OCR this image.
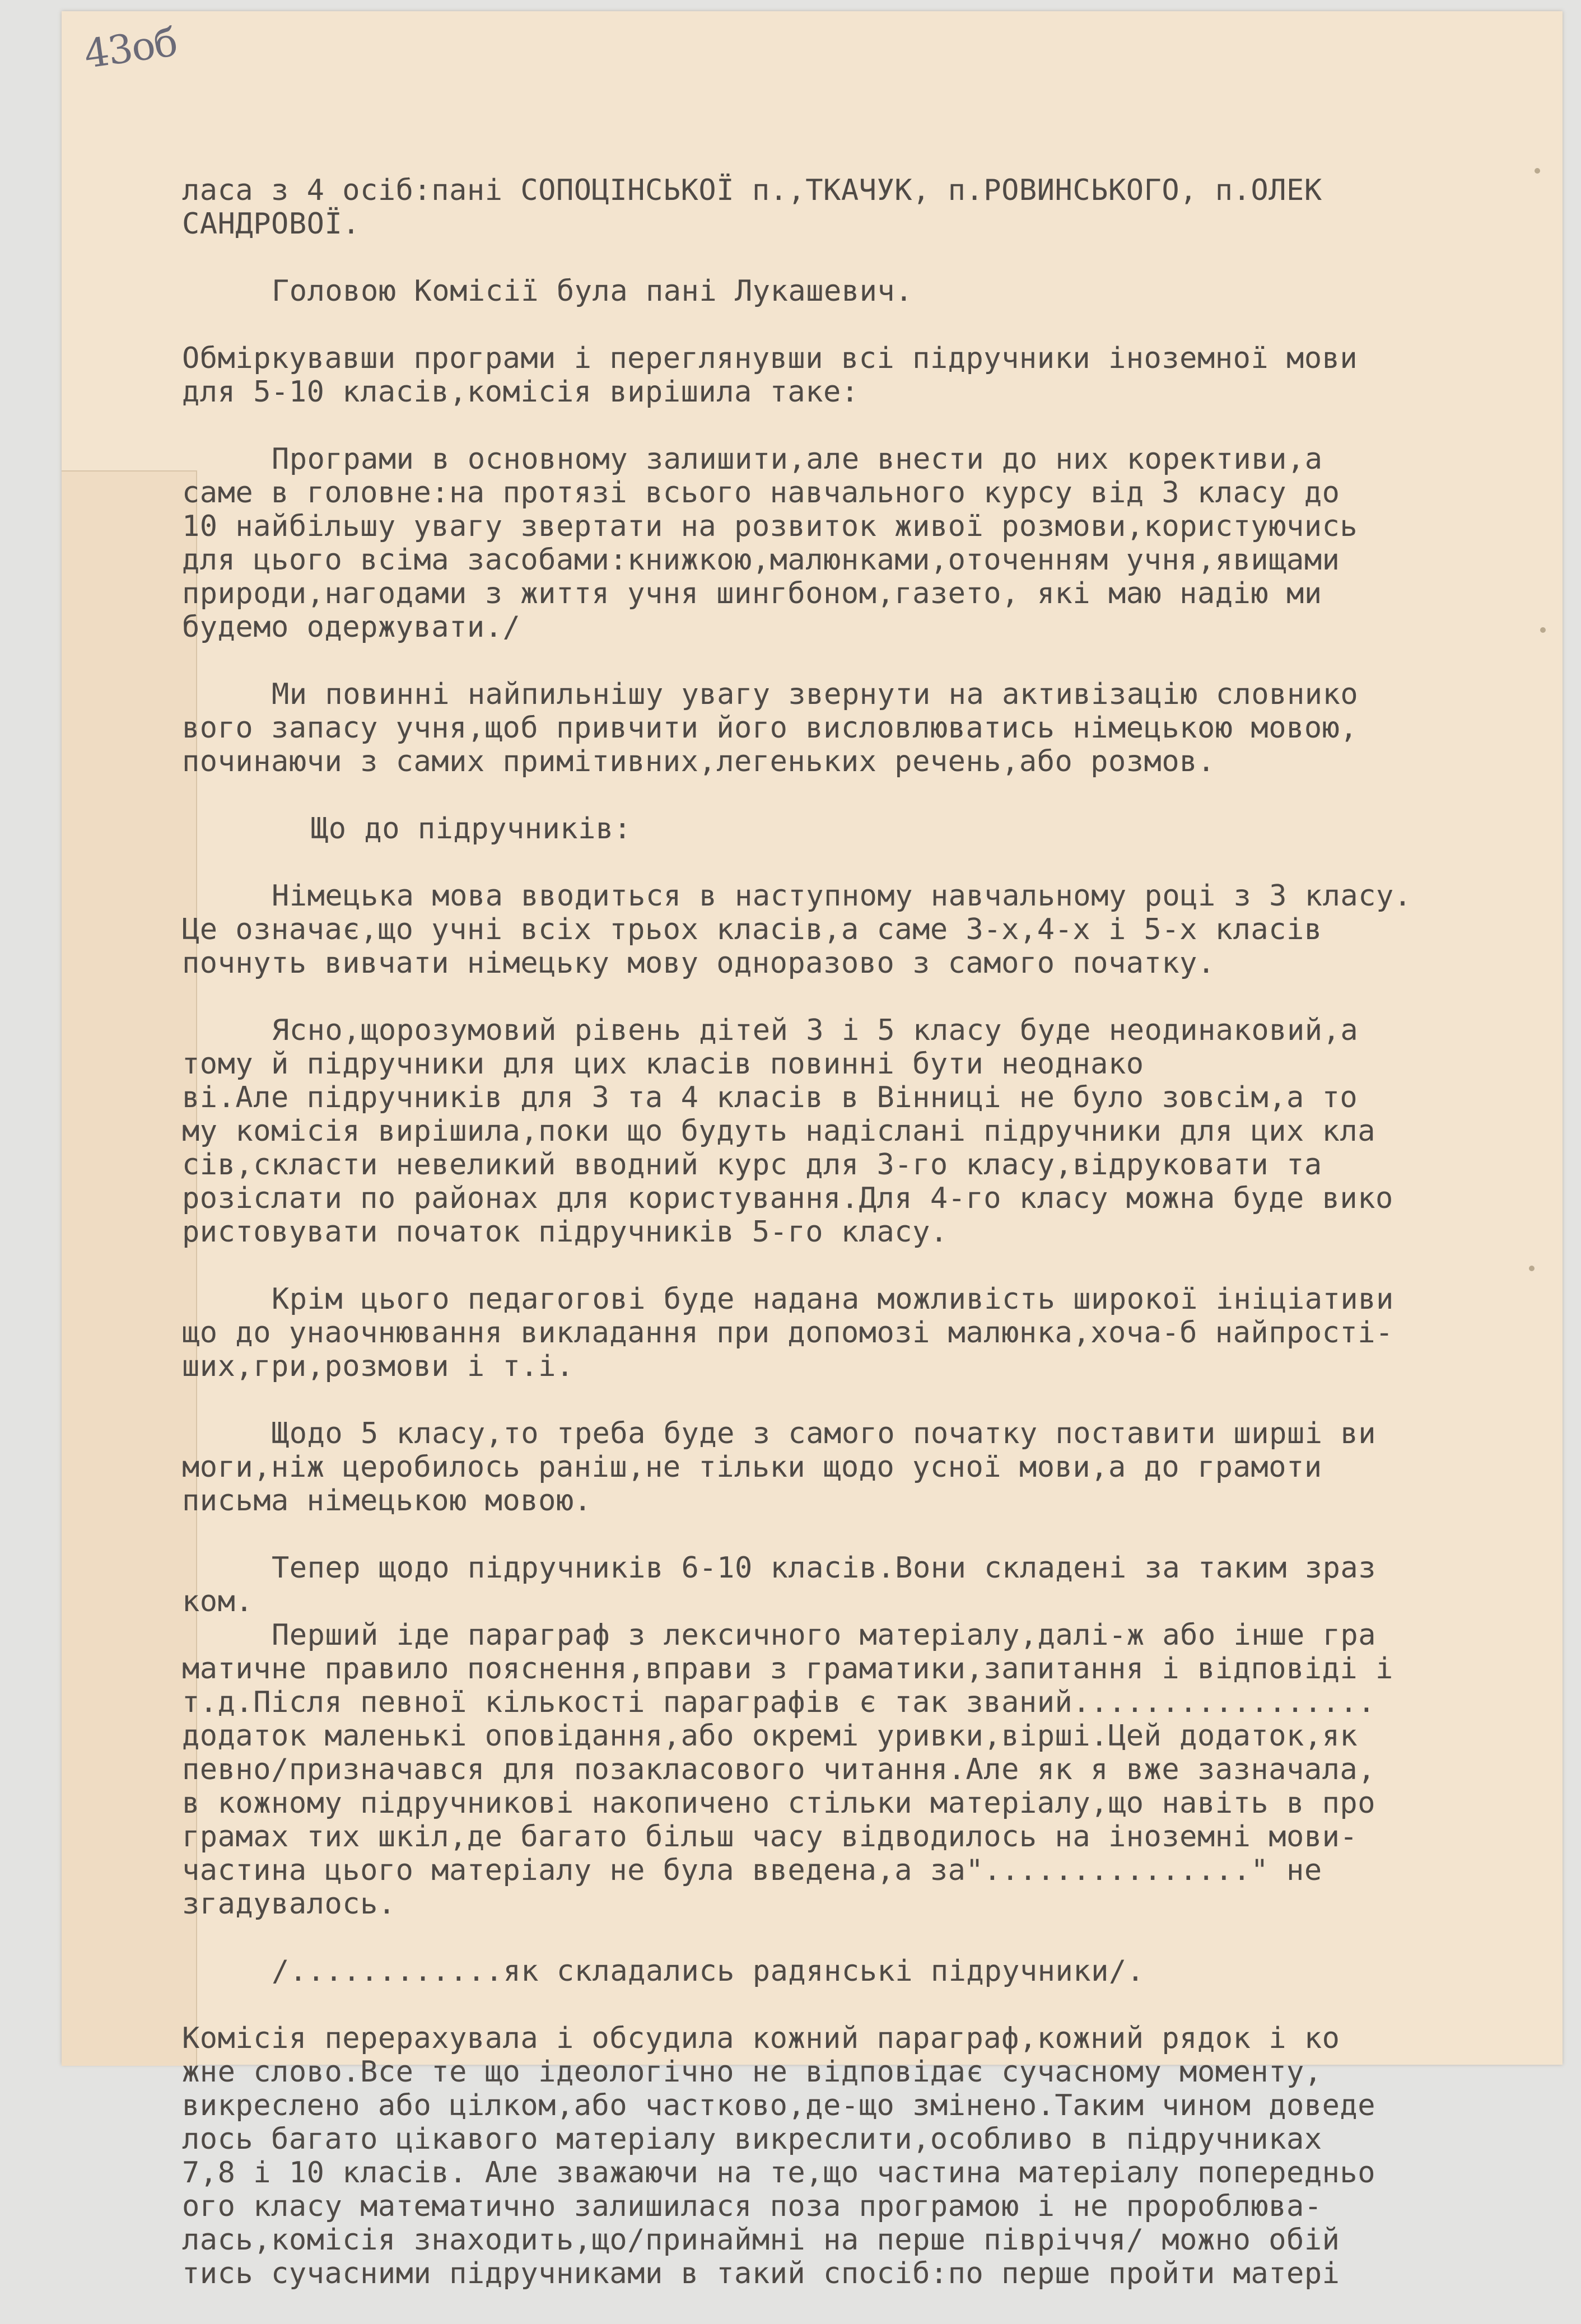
43об
ласа з 4 осіб:пані СОПОЦІНСЬКОЇ п.,ТКАЧУК, п.РОВИНСЬКОГО, п.ОЛЕК
САНДРОВОЇ.
Головою Комісії була пані Лукашевич.
Обміркувавши програми і переглянувши всі підручники іноземної мови
для 5-10 класів,комісія вирішила таке:
Програми в основному залишити,але внести до них корективи,а
саме в головне:на протязі всього навчального курсу від 3 класу до
10 найбільшу увагу звертати на розвиток живої розмови,користуючись
для цього всіма засобами:книжкою,малюнками,оточенням учня,явищами
природи,нагодами з життя учня шингбоном,газето, які маю надію ми
будемо одержувати./
Ми повинні найпильнішу увагу звернути на активізацію словнико
вого запасу учня,щоб привчити його висловлюватись німецькою мовою,
починаючи з самих примітивних,легеньких речень,або розмов.
Що до підручників:
Німецька мова вводиться в наступному навчальному році з 3 класу.
Це означає,що учні всіх трьох класів,а саме 3-х,4-х і 5-х класів
почнуть вивчати німецьку мову одноразово з самого початку.
Ясно,щорозумовий рівень дітей 3 і 5 класу буде неодинаковий,а
тому й підручники для цих класів повинні бути неоднако
ві.Але підручників для 3 та 4 класів в Вінниці не було зовсім,а то
му комісія вирішила,поки що будуть надіслані підручники для цих кла
сів,скласти невеликий вводний курс для 3-го класу,відруковати та
розіслати по районах для користування.Для 4-го класу можна буде вико
ристовувати початок підручників 5-го класу.
Крім цього педагогові буде надана можливість широкої ініціативи
що до унаочнювання викладання при допомозі малюнка,хоча-б найпрості-
ших,гри,розмови і т.і.
Щодо 5 класу,то треба буде з самого початку поставити ширші ви
моги,ніж церобилось раніш,не тільки щодо усної мови,а до грамоти
письма німецькою мовою.
Тепер щодо підручників 6-10 класів.Вони складені за таким зраз
ком.
Перший іде параграф з лексичного матеріалу,далі-ж або інше гра
матичне правило пояснення,вправи з граматики,запитання і відповіді і
т.д.Після певної кількості параграфів є так званий.................
додаток маленькі оповідання,або окремі уривки,вірші.Цей додаток,як
певно/призначався для позакласового читання.Але як я вже зазначала,
в кожному підручникові накопичено стільки матеріалу,що навіть в про
грамах тих шкіл,де багато більш часу відводилось на іноземні мови-
частина цього матеріалу не була введена,а за"..............." не
згадувалось.
/............як складались радянські підручники/.
Комісія перерахувала і обсудила кожний параграф,кожний рядок і ко
жне слово.Все те що ідеологічно не відповідає сучасному моменту,
викреслено або цілком,або частково,де-що змінено.Таким чином доведе
лось багато цікавого матеріалу викреслити,особливо в підручниках
7,8 і 10 класів. Але зважаючи на те,що частина матеріалу попередньо
ого класу математично залишилася поза програмою і не пророблюва-
лась,комісія знаходить,що/принаймні на перше півріччя/ можно обій
тись сучасними підручниками в такий спосіб:по перше пройти матері
